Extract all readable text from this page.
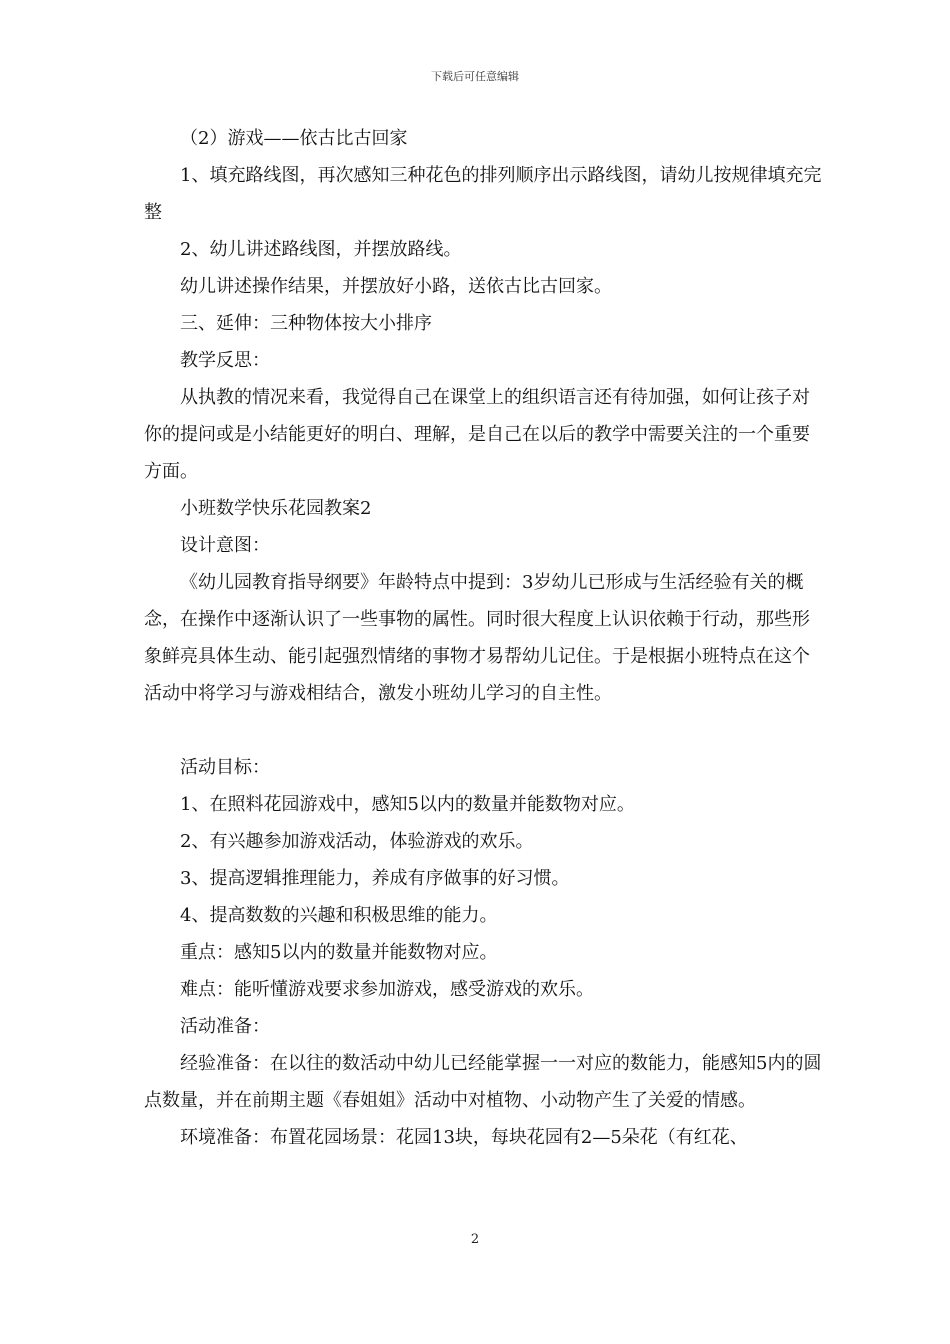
下载后可任意编辑

（2）游戏——依古比古回家

1、填充路线图，再次感知三种花色的排列顺序出示路线图，请幼儿按规律填充完整

2、幼儿讲述路线图，并摆放路线。

幼儿讲述操作结果，并摆放好小路，送依古比古回家。

三、延伸：三种物体按大小排序

教学反思：

从执教的情况来看，我觉得自己在课堂上的组织语言还有待加强，如何让孩子对你的提问或是小结能更好的明白、理解，是自己在以后的教学中需要关注的一个重要方面。

小班数学快乐花园教案2

设计意图：

《幼儿园教育指导纲要》年龄特点中提到：3岁幼儿已形成与生活经验有关的概念，在操作中逐渐认识了一些事物的属性。同时很大程度上认识依赖于行动，那些形象鲜亮具体生动、能引起强烈情绪的事物才易帮幼儿记住。于是根据小班特点在这个活动中将学习与游戏相结合，激发小班幼儿学习的自主性。

活动目标：

1、在照料花园游戏中，感知5以内的数量并能数物对应。

2、有兴趣参加游戏活动，体验游戏的欢乐。

3、提高逻辑推理能力，养成有序做事的好习惯。

4、提高数数的兴趣和积极思维的能力。

重点：感知5以内的数量并能数物对应。

难点：能听懂游戏要求参加游戏，感受游戏的欢乐。

活动准备：

经验准备：在以往的数活动中幼儿已经能掌握一一对应的数能力，能感知5内的圆点数量，并在前期主题《春姐姐》活动中对植物、小动物产生了关爱的情感。

环境准备：布置花园场景：花园13块，每块花园有2—5朵花（有红花、

2
